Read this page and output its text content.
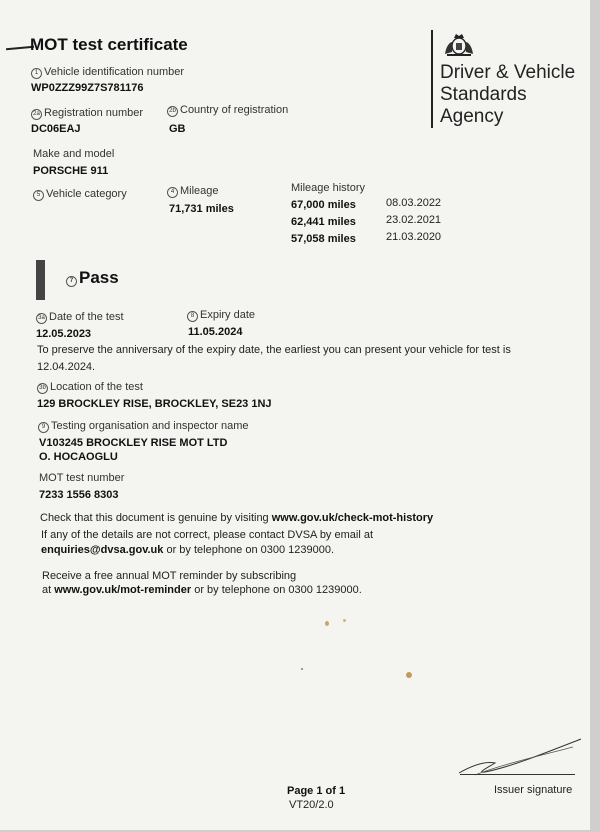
MOT test certificate
Driver & Vehicle
Standards
Agency
1 Vehicle identification number
WP0ZZZ99Z7S781176
2a Registration number
DC06EAJ
2b Country of registration
GB
Make and model
PORSCHE 911
5 Vehicle category	4 Mileage
71,731 miles
Mileage history
67,000 miles	08.03.2022
62,441 miles	23.02.2021
57,058 miles	21.03.2020
7 Pass
3a Date of the test
12.05.2023
8 Expiry date
11.05.2024
To preserve the anniversary of the expiry date, the earliest you can present your vehicle for test is
12.04.2024.
3b Location of the test
129 BROCKLEY RISE, BROCKLEY, SE23 1NJ
9 Testing organisation and inspector name
V103245 BROCKLEY RISE MOT LTD
O. HOCAOGLU
MOT test number
7233 1556 8303
Check that this document is genuine by visiting www.gov.uk/check-mot-history
If any of the details are not correct, please contact DVSA by email at
enquiries@dvsa.gov.uk or by telephone on 0300 1239000.
Receive a free annual MOT reminder by subscribing
at www.gov.uk/mot-reminder or by telephone on 0300 1239000.
Issuer signature
Page 1 of 1
VT20/2.0
